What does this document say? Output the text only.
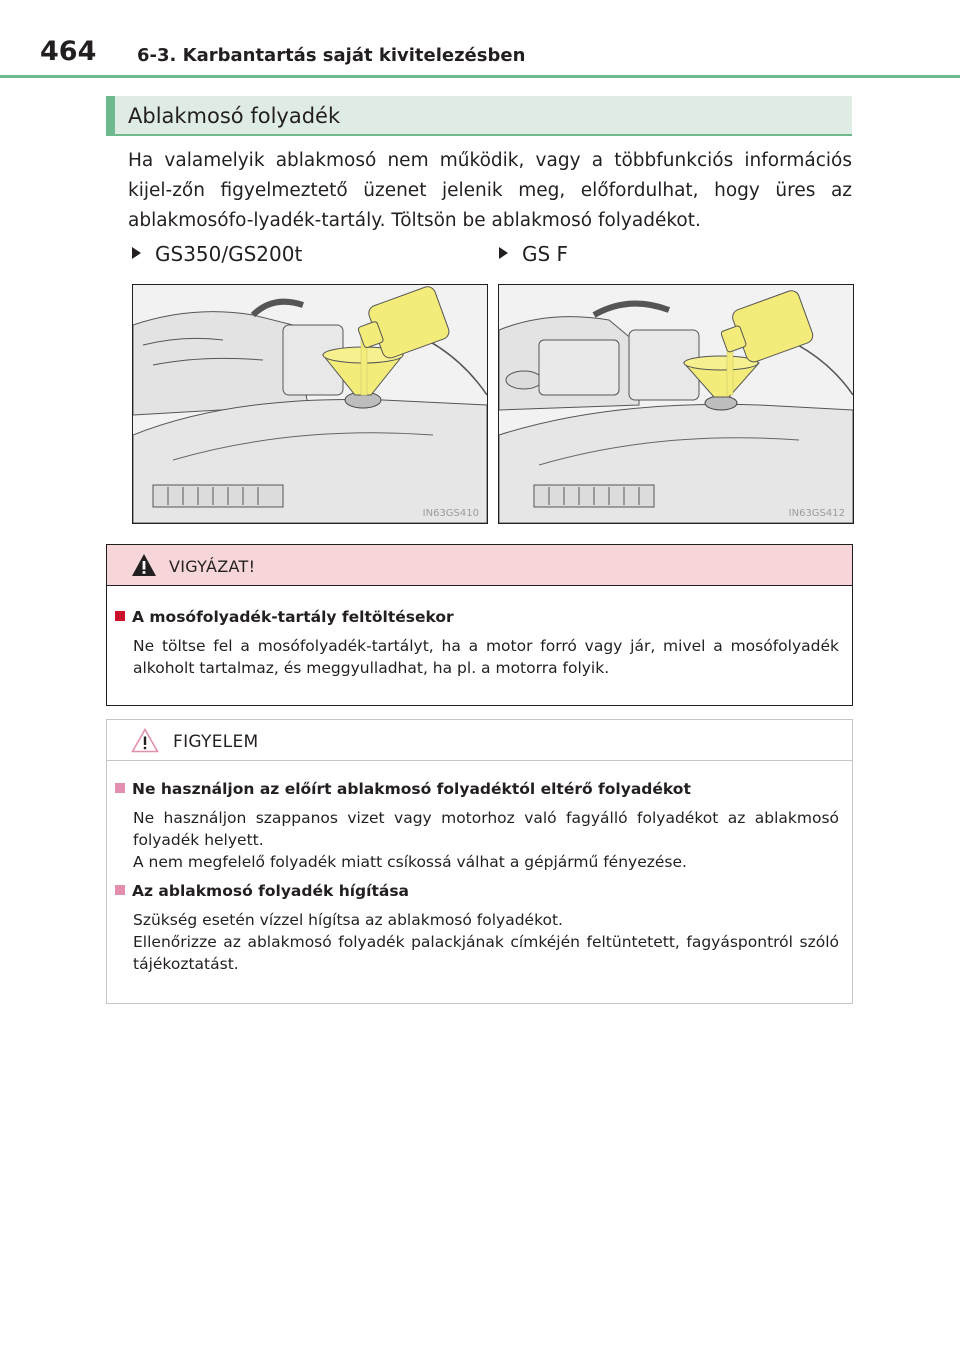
464 6-3. Karbantartás saját kivitelezésben
Ablakmosó folyadék
Ha valamelyik ablakmosó nem működik, vagy a többfunkciós információs kijel-zőn figyelmeztető üzenet jelenik meg, előfordulhat, hogy üres az ablakmosófo-lyadék-tartály. Töltsön be ablakmosó folyadékot.
GS350/GS200t	GS F
IN63GS410	IN63GS412
VIGYÁZAT!
A mosófolyadék-tartály feltöltésekor

Ne töltse fel a mosófolyadék-tartályt, ha a motor forró vagy jár, mivel a mosófolyadék alkoholt tartalmaz, és meggyulladhat, ha pl. a motorra folyik.

FIGYELEM
Ne használjon az előírt ablakmosó folyadéktól eltérő folyadékot

Ne használjon szappanos vizet vagy motorhoz való fagyálló folyadékot az ablakmosó folyadék helyett.

A nem megfelelő folyadék miatt csíkossá válhat a gépjármű fényezése.

Az ablakmosó folyadék hígítása

Szükség esetén vízzel hígítsa az ablakmosó folyadékot.

Ellenőrizze az ablakmosó folyadék palackjának címkéjén feltüntetett, fagyáspontról szóló tájékoztatást.
